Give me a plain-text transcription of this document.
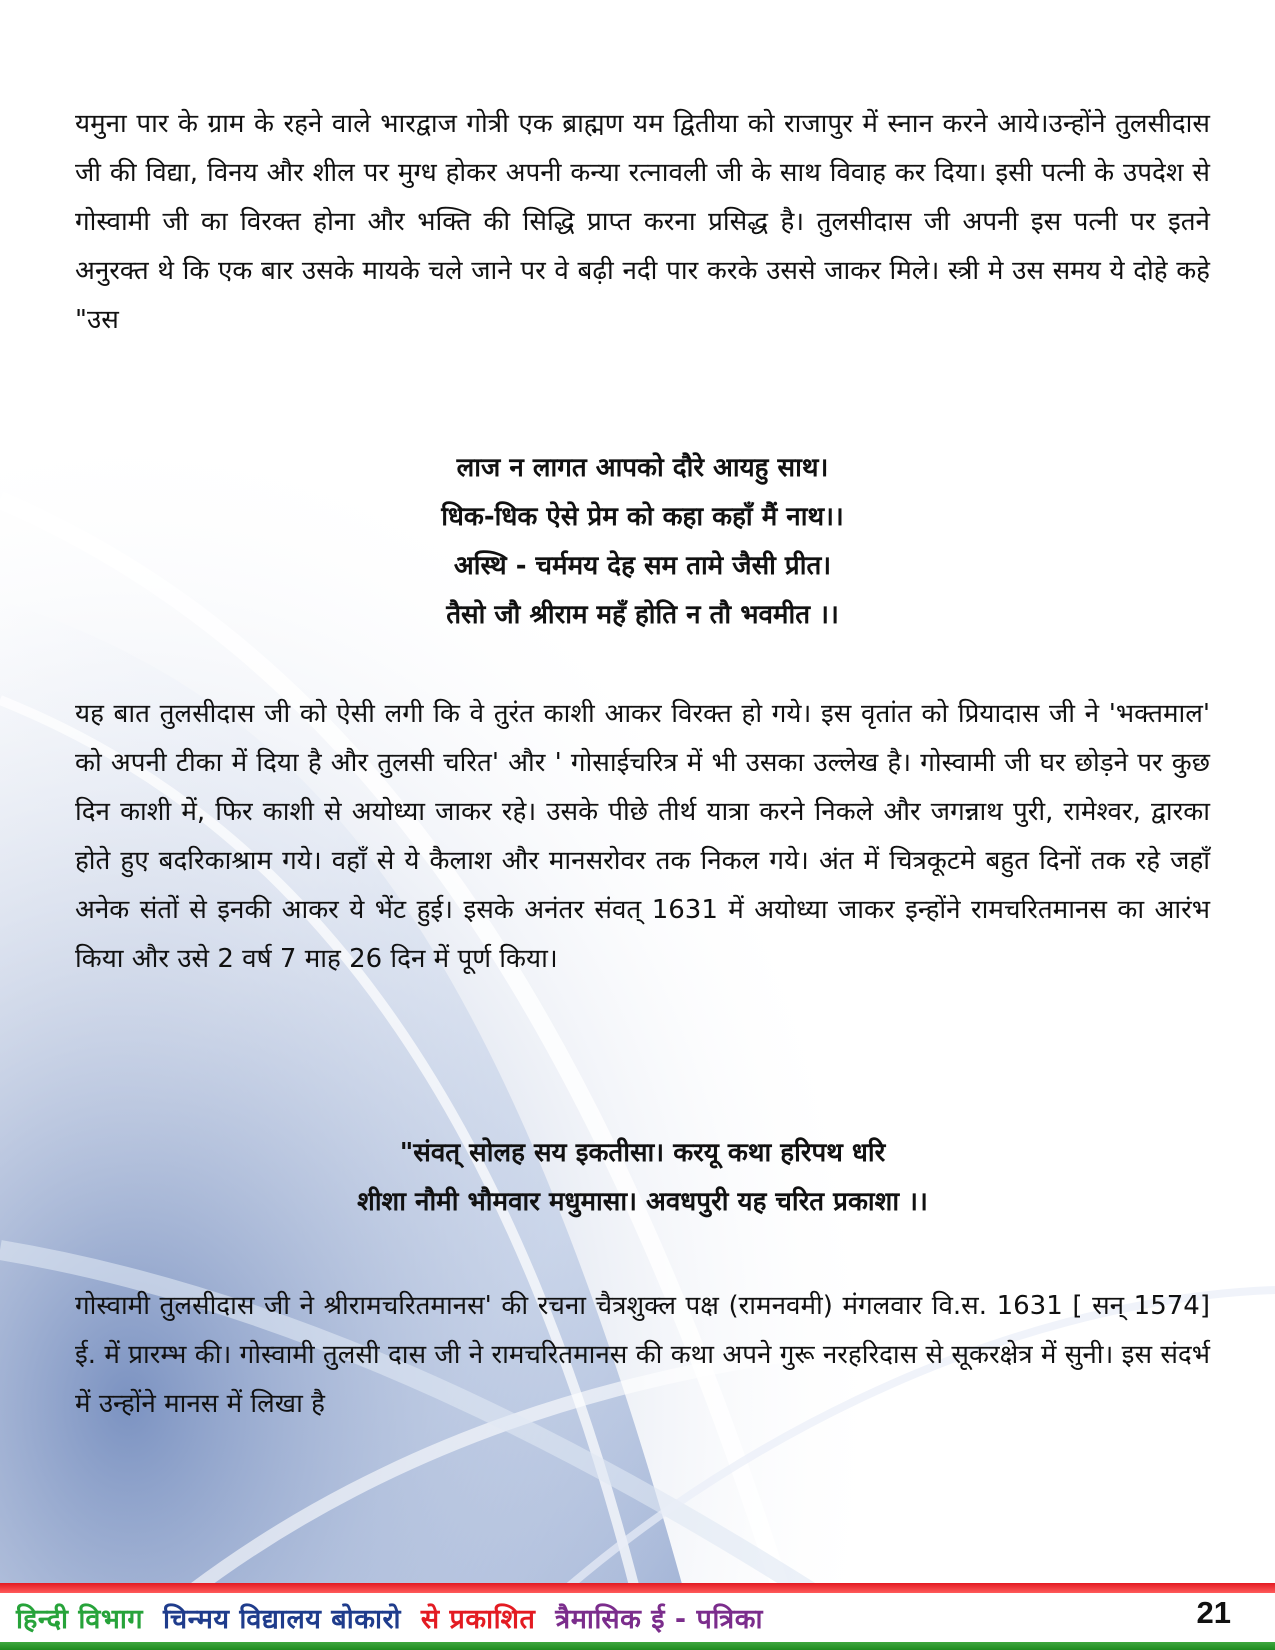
यमुना पार के ग्राम के रहने वाले भारद्वाज गोत्री एक ब्राह्मण यम द्वितीया को राजापुर में स्नान करने आये।उन्होंने तुलसीदास जी की विद्या, विनय और शील पर मुग्ध होकर अपनी कन्या रत्नावली जी के साथ विवाह कर दिया। इसी पत्नी के उपदेश से गोस्वामी जी का विरक्त होना और भक्ति की सिद्धि प्राप्त करना प्रसिद्ध है। तुलसीदास जी अपनी इस पत्नी पर इतने अनुरक्त थे कि एक बार उसके मायके चले जाने पर वे बढ़ी नदी पार करके उससे जाकर मिले। स्त्री मे उस समय ये दोहे कहे "उस

लाज न लागत आपको दौरे आयहु साथ।
धिक-धिक ऐसे प्रेम को कहा कहाँ मैं नाथ।।
अस्थि - चर्ममय देह सम तामे जैसी प्रीत।
तैसो जौ श्रीराम महँ होति न तौ भवमीत ।।

यह बात तुलसीदास जी को ऐसी लगी कि वे तुरंत काशी आकर विरक्त हो गये। इस वृतांत को प्रियादास जी ने 'भक्तमाल' को अपनी टीका में दिया है और तुलसी चरित' और ' गोसाईचरित्र में भी उसका उल्लेख है। गोस्वामी जी घर छोड़ने पर कुछ दिन काशी में, फिर काशी से अयोध्या जाकर रहे। उसके पीछे तीर्थ यात्रा करने निकले और जगन्नाथ पुरी, रामेश्वर, द्वारका होते हुए बदरिकाश्राम गये। वहाँ से ये कैलाश और मानसरोवर तक निकल गये। अंत में चित्रकूटमे बहुत दिनों तक रहे जहाँ अनेक संतों से इनकी आकर ये भेंट हुई। इसके अनंतर संवत् 1631 में अयोध्या जाकर इन्होंने रामचरितमानस का आरंभ किया और उसे 2 वर्ष 7 माह 26 दिन में पूर्ण किया।

"संवत् सोलह सय इकतीसा। करयू कथा हरिपथ धरि
शीशा नौमी भौमवार मधुमासा। अवधपुरी यह चरित प्रकाशा ।।

गोस्वामी तुलसीदास जी ने श्रीरामचरितमानस' की रचना चैत्रशुक्ल पक्ष (रामनवमी) मंगलवार वि.स. 1631 [ सन् 1574] ई. में प्रारम्भ की। गोस्वामी तुलसी दास जी ने रामचरितमानस की कथा अपने गुरू नरहरिदास से सूकरक्षेत्र में सुनी। इस संदर्भ में उन्होंने मानस में लिखा है

हिन्दी विभाग चिन्मय विद्यालय बोकारो से प्रकाशित त्रैमासिक ई - पत्रिका	21
